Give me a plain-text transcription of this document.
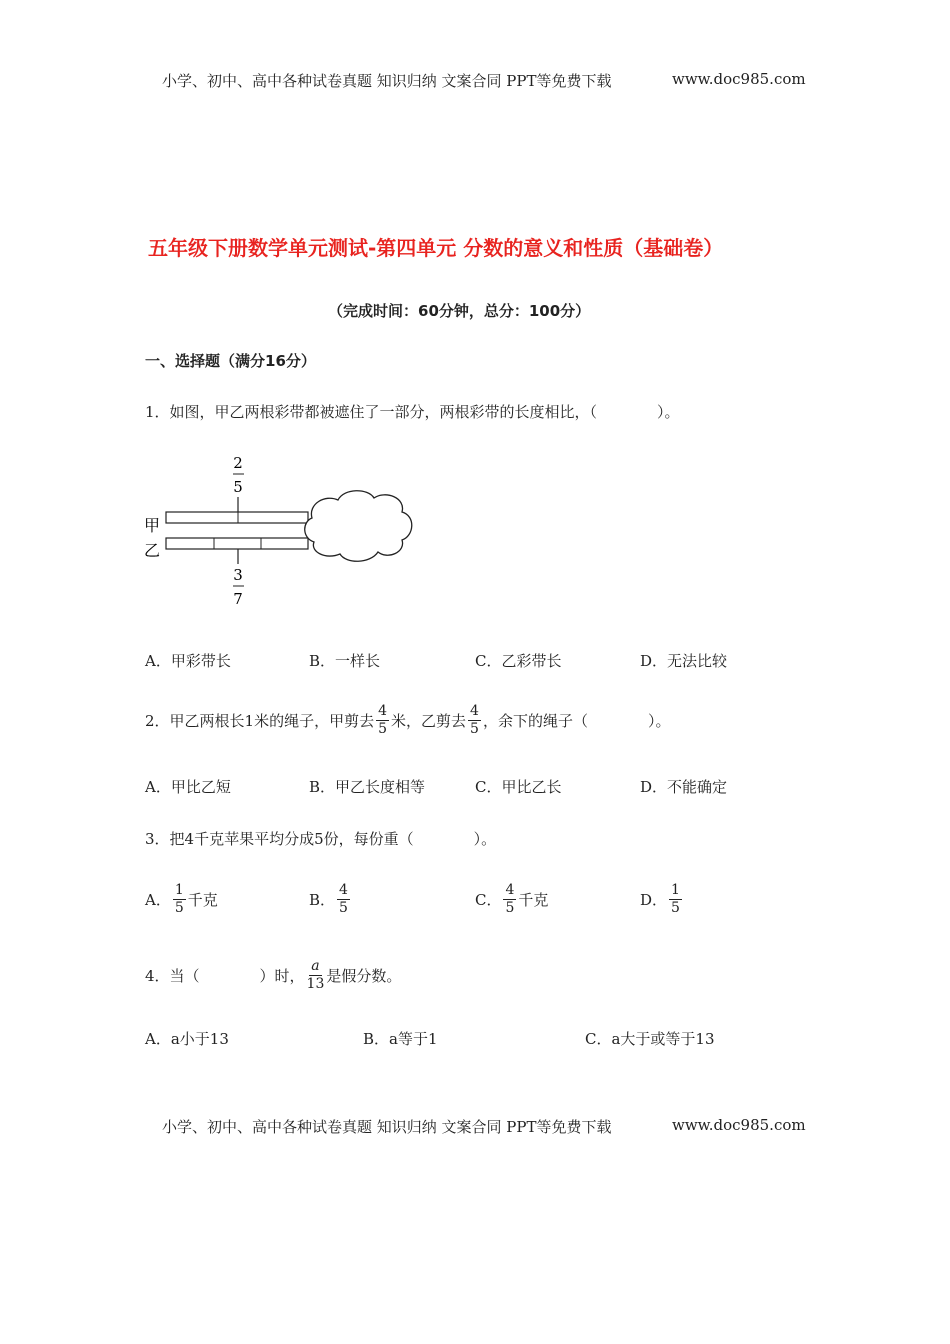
小学、初中、高中各种试卷真题 知识归纳 文案合同 PPT等免费下载	www.doc985.com
五年级下册数学单元测试-第四单元 分数的意义和性质（基础卷）
（完成时间：60分钟，总分：100分）
一、选择题（满分16分）
1．如图，甲乙两根彩带都被遮住了一部分，两根彩带的长度相比，（　　　　）。
2
5
甲
乙
3
7
A．甲彩带长	B．一样长	C．乙彩带长	D．无法比较
2．甲乙两根长1米的绳子，甲剪去 $\frac{4}{5}$ 米，乙剪去 $\frac{4}{5}$ ，余下的绳子（　　　　）。
A．甲比乙短	B．甲乙长度相等	C．甲比乙长	D．不能确定
3．把4千克苹果平均分成5份，每份重（　　　　）。
A． $\frac{1}{5}$ 千克	B． $\frac{4}{5}$	C． $\frac{4}{5}$ 千克	D． $\frac{1}{5}$
4．当（　　　　）时， $\frac{a}{13}$ 是假分数。
A．a小于13	B．a等于1	C．a大于或等于13
小学、初中、高中各种试卷真题 知识归纳 文案合同 PPT等免费下载	www.doc985.com
